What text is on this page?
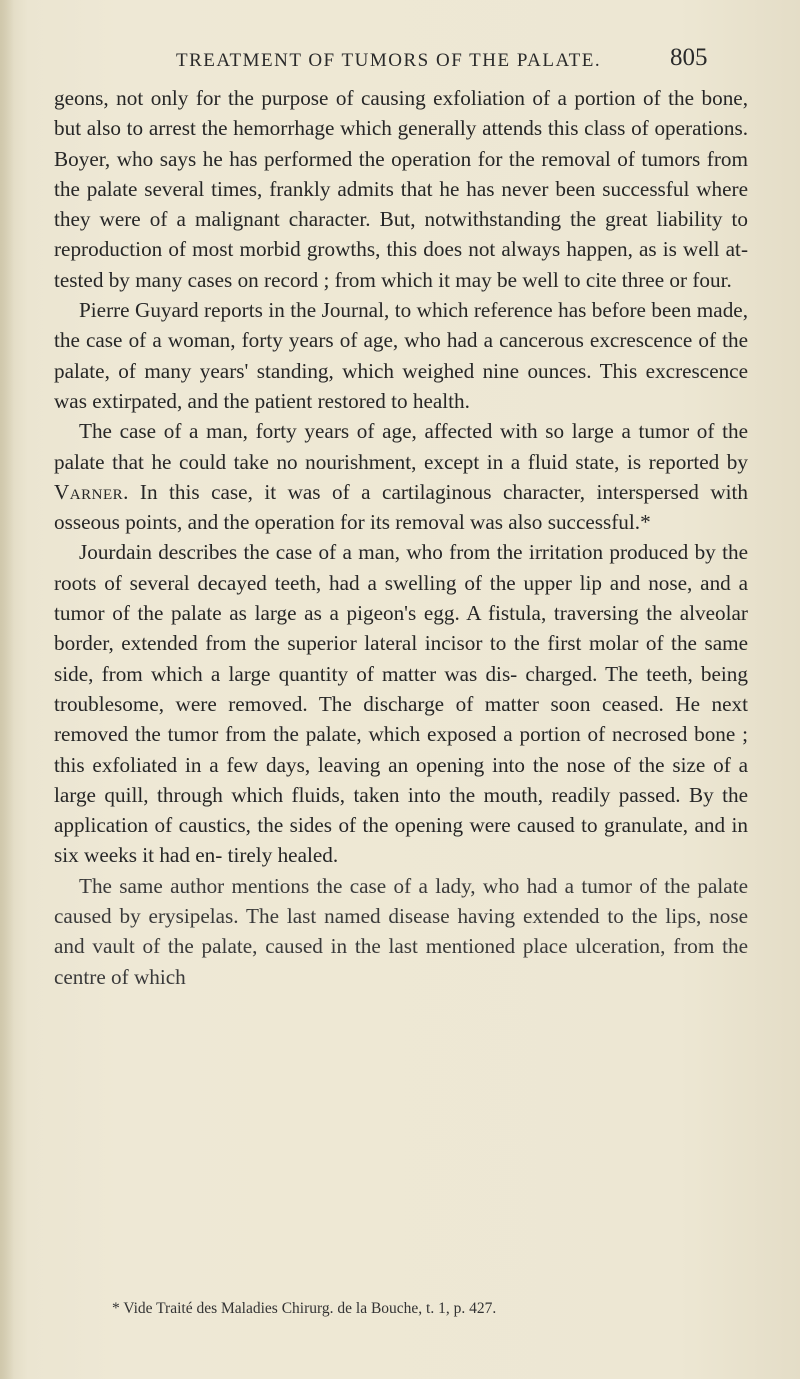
TREATMENT OF TUMORS OF THE PALATE.	805

geons, not only for the purpose of causing exfoliation of a portion of the bone, but also to arrest the hemorrhage which generally attends this class of operations. Boyer, who says he has performed the operation for the removal of tumors from the palate several times, frankly admits that he has never been successful where they were of a malignant character. But, notwithstanding the great liability to reproduction of most morbid growths, this does not always happen, as is well at- tested by many cases on record ; from which it may be well to cite three or four.

Pierre Guyard reports in the Journal, to which reference has before been made, the case of a woman, forty years of age, who had a cancerous excrescence of the palate, of many years' standing, which weighed nine ounces. This excrescence was extirpated, and the patient restored to health.

The case of a man, forty years of age, affected with so large a tumor of the palate that he could take no nourishment, except in a fluid state, is reported by Varner. In this case, it was of a cartilaginous character, interspersed with osseous points, and the operation for its removal was also successful.*

Jourdain describes the case of a man, who from the irritation produced by the roots of several decayed teeth, had a swelling of the upper lip and nose, and a tumor of the palate as large as a pigeon's egg. A fistula, traversing the alveolar border, extended from the superior lateral incisor to the first molar of the same side, from which a large quantity of matter was dis- charged. The teeth, being troublesome, were removed. The discharge of matter soon ceased. He next removed the tumor from the palate, which exposed a portion of necrosed bone ; this exfoliated in a few days, leaving an opening into the nose of the size of a large quill, through which fluids, taken into the mouth, readily passed. By the application of caustics, the sides of the opening were caused to granulate, and in six weeks it had en- tirely healed.

The same author mentions the case of a lady, who had a tumor of the palate caused by erysipelas. The last named disease having extended to the lips, nose and vault of the palate, caused in the last mentioned place ulceration, from the centre of which

* Vide Traité des Maladies Chirurg. de la Bouche, t. 1, p. 427.
